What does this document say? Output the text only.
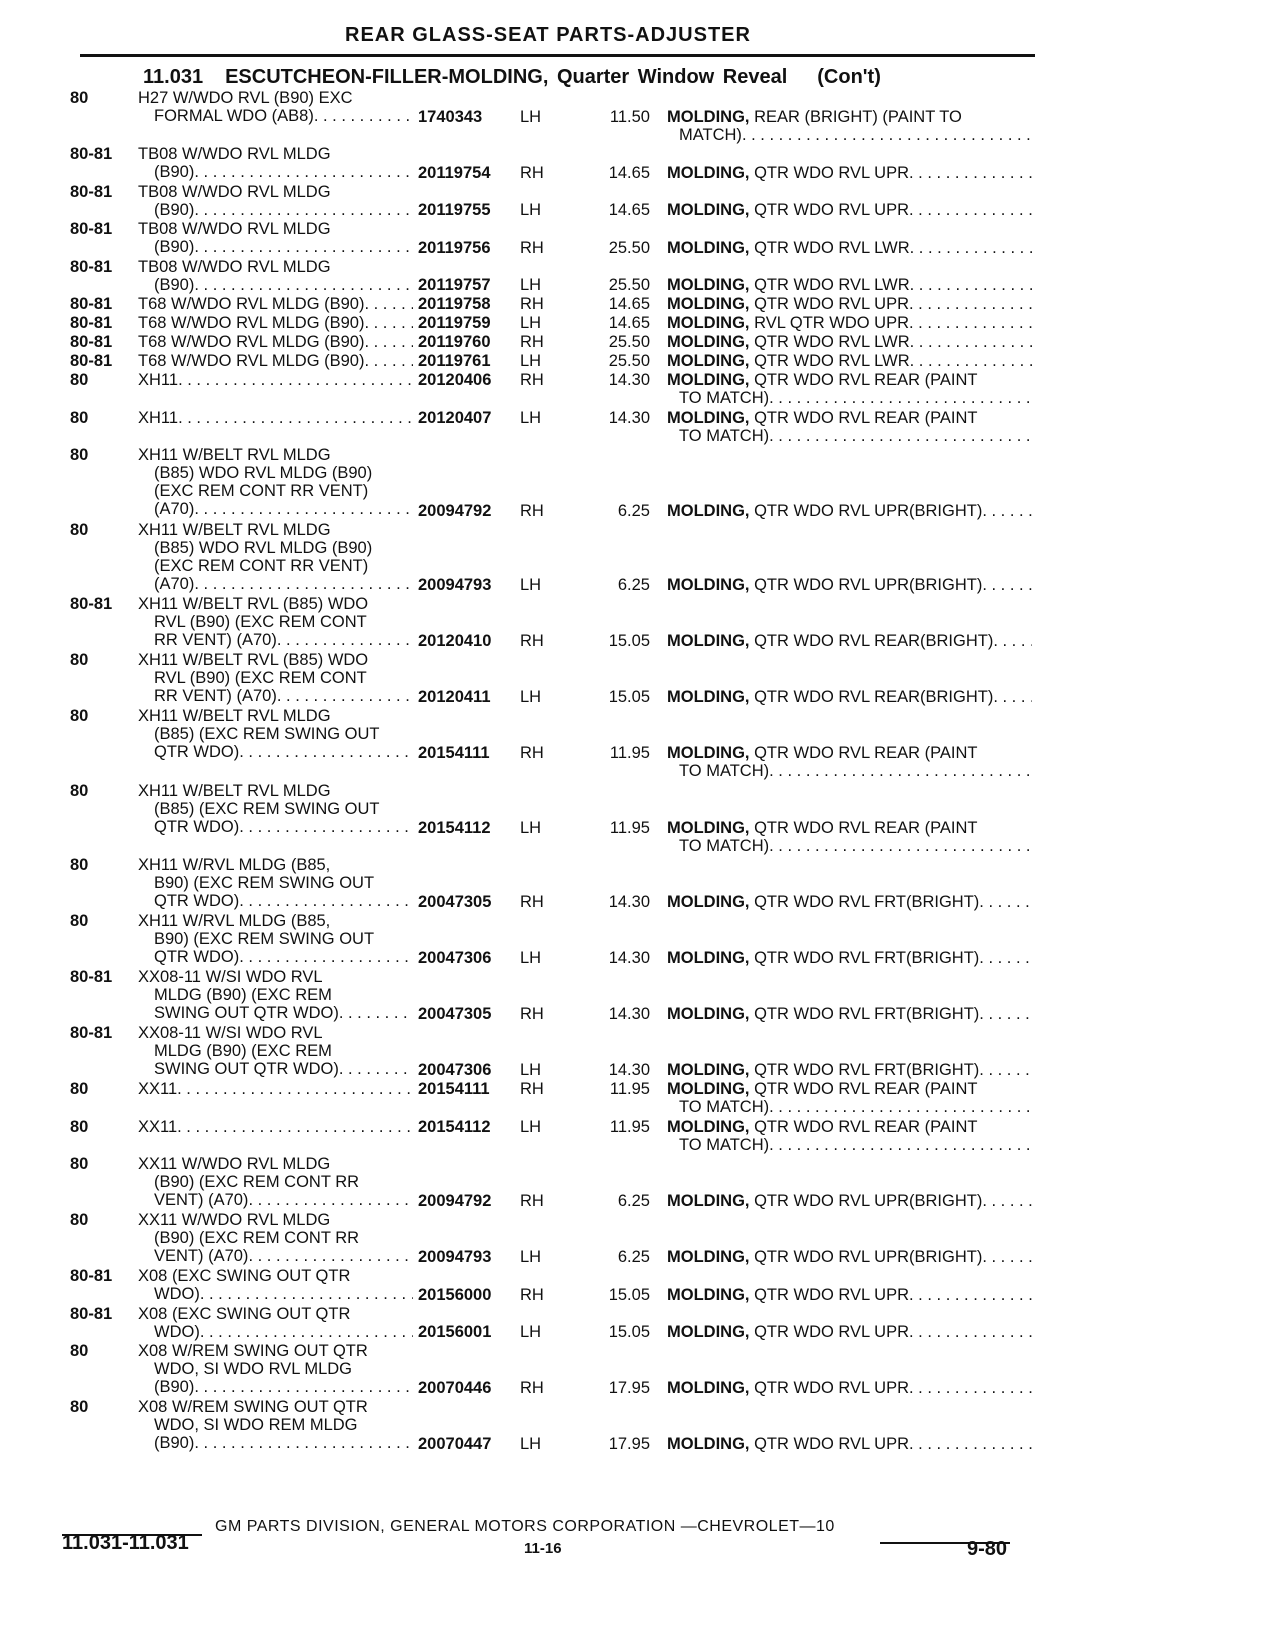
REAR GLASS-SEAT PARTS-ADJUSTER
11.031 ESCUTCHEON-FILLER-MOLDING, Quarter Window Reveal (Con't)
80	H27 W/WDO RVL (B90) EXC
FORMAL WDO (AB8) . . .	1740343	LH	11.50 MOLDING, REAR (BRIGHT) (PAINT TO
MATCH)
. . .
80-81	TB08 W/WDO RVL MLDG
(B90) . . .	20119754	RH	14.65 MOLDING, QTR WDO RVL UPR
. . .
80-81	TB08 W/WDO RVL MLDG
(B90) . . .	20119755	LH	14.65 MOLDING, QTR WDO RVL UPR
. . .
80-81	TB08 W/WDO RVL MLDG
(B90) . . .	20119756	RH	25.50 MOLDING, QTR WDO RVL LWR
. . .
80-81	TB08 W/WDO RVL MLDG
(B90) . . .	20119757	LH	25.50 MOLDING, QTR WDO RVL LWR
. . .
80-81	T68 W/WDO RVL MLDG (B90) . . .	20119758	RH	14.65 MOLDING, QTR WDO RVL UPR
. . .
80-81	T68 W/WDO RVL MLDG (B90) . . .	20119759	LH	14.65 MOLDING, RVL QTR WDO UPR
. . .
80-81	T68 W/WDO RVL MLDG (B90) . . .	20119760	RH	25.50 MOLDING, QTR WDO RVL LWR
. . .
80-81	T68 W/WDO RVL MLDG (B90) . . .	20119761	LH	25.50 MOLDING, QTR WDO RVL LWR
. . .
80	XH11 . . .	20120406	RH	14.30 MOLDING, QTR WDO RVL REAR (PAINT
TO MATCH)
. . .
80	XH11 . . .	20120407	LH	14.30 MOLDING, QTR WDO RVL REAR (PAINT
TO MATCH)
. . .
80	XH11 W/BELT RVL MLDG
(B85) WDO RVL MLDG (B90)
(EXC REM CONT RR VENT)
(A70) . . .	20094792	RH	6.25 MOLDING, QTR WDO RVL UPR(BRIGHT)
. . .
80	XH11 W/BELT RVL MLDG
(B85) WDO RVL MLDG (B90)
(EXC REM CONT RR VENT)
(A70) . . .	20094793	LH	6.25 MOLDING, QTR WDO RVL UPR(BRIGHT)
. . .
80-81	XH11 W/BELT RVL (B85) WDO
RVL (B90) (EXC REM CONT
RR VENT) (A70) . . .	20120410	RH	15.05 MOLDING, QTR WDO RVL REAR(BRIGHT)
. . .
80	XH11 W/BELT RVL (B85) WDO
RVL (B90) (EXC REM CONT
RR VENT) (A70) . . .	20120411	LH	15.05 MOLDING, QTR WDO RVL REAR(BRIGHT)
. . .
80	XH11 W/BELT RVL MLDG
(B85) (EXC REM SWING OUT
QTR WDO) . . .	20154111	RH	11.95 MOLDING, QTR WDO RVL REAR (PAINT
TO MATCH)
. . .
80	XH11 W/BELT RVL MLDG
(B85) (EXC REM SWING OUT
QTR WDO) . . .	20154112	LH	11.95 MOLDING, QTR WDO RVL REAR (PAINT
TO MATCH)
. . .
80	XH11 W/RVL MLDG (B85,
B90) (EXC REM SWING OUT
QTR WDO) . . .	20047305	RH	14.30 MOLDING, QTR WDO RVL FRT(BRIGHT)
. . .
80	XH11 W/RVL MLDG (B85,
B90) (EXC REM SWING OUT
QTR WDO) . . .	20047306	LH	14.30 MOLDING, QTR WDO RVL FRT(BRIGHT)
. . .
80-81	XX08-11 W/SI WDO RVL
MLDG (B90) (EXC REM
SWING OUT QTR WDO) . . .	20047305	RH	14.30 MOLDING, QTR WDO RVL FRT(BRIGHT)
. . .
80-81	XX08-11 W/SI WDO RVL
MLDG (B90) (EXC REM
SWING OUT QTR WDO) . . .	20047306	LH	14.30 MOLDING, QTR WDO RVL FRT(BRIGHT)
. . .
80	XX11 . . .	20154111	RH	11.95 MOLDING, QTR WDO RVL REAR (PAINT
TO MATCH)
. . .
80	XX11 . . .	20154112	LH	11.95 MOLDING, QTR WDO RVL REAR (PAINT
TO MATCH)
. . .
80	XX11 W/WDO RVL MLDG
(B90) (EXC REM CONT RR
VENT) (A70) . . .	20094792	RH	6.25 MOLDING, QTR WDO RVL UPR(BRIGHT)
. . .
80	XX11 W/WDO RVL MLDG
(B90) (EXC REM CONT RR
VENT) (A70) . . .	20094793	LH	6.25 MOLDING, QTR WDO RVL UPR(BRIGHT)
. . .
80-81	X08 (EXC SWING OUT QTR
WDO) . . .	20156000	RH	15.05 MOLDING, QTR WDO RVL UPR
. . .
80-81	X08 (EXC SWING OUT QTR
WDO) . . .	20156001	LH	15.05 MOLDING, QTR WDO RVL UPR
. . .
80	X08 W/REM SWING OUT QTR
WDO, SI WDO RVL MLDG
(B90) . . .	20070446	RH	17.95 MOLDING, QTR WDO RVL UPR
. . .
80	X08 W/REM SWING OUT QTR
WDO, SI WDO REM MLDG
(B90) . . .	20070447	LH	17.95 MOLDING, QTR WDO RVL UPR
. . .
11.031-11.031
GM PARTS DIVISION, GENERAL MOTORS CORPORATION —CHEVROLET—10
11-16	9-80
